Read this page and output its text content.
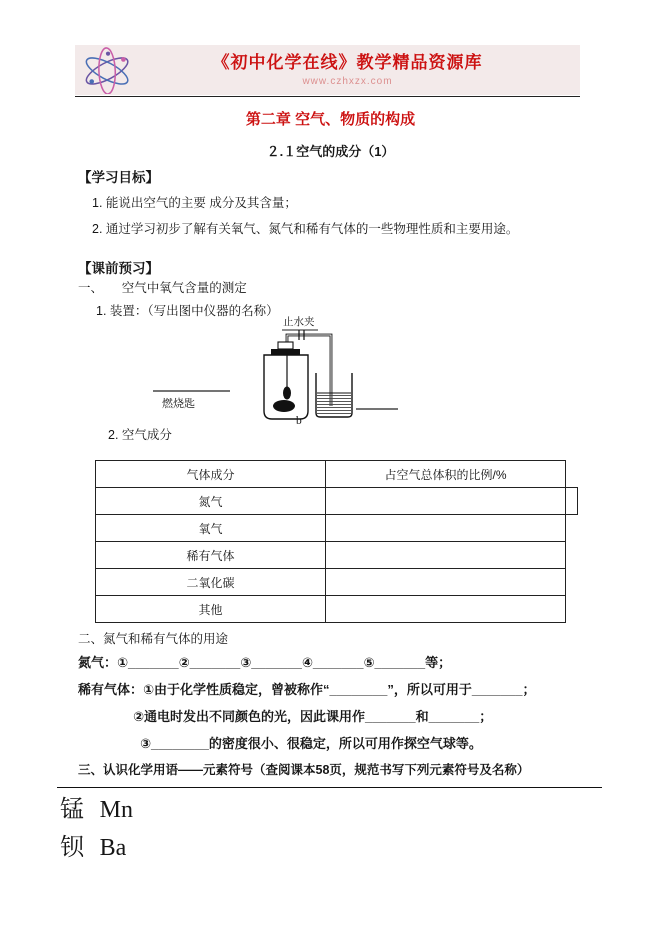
《初中化学在线》教学精品资源库
www.czhxzx.com
第二章 空气、物质的构成
２.１空气的成分（1）
【学习目标】
1. 能说出空气的主要 成分及其含量；
2. 通过学习初步了解有关氧气、氮气和稀有气体的一些物理性质和主要用途。
【课前预习】
一、　　空气中氧气含量的测定
1. 装置：（写出图中仪器的名称）
止水夹
燃烧匙
b
2. 空气成分
气体成分	占空气总体积的比例/%
氮气	
氧气	
稀有气体	
二氧化碳	
其他	
二、氮气和稀有气体的用途
氮气：①_______②_______③_______④_______⑤_______等；
稀有气体：①由于化学性质稳定，曾被称作“________”，所以可用于_______；
②通电时发出不同颜色的光，因此课用作_______和_______；
③________的密度很小、很稳定，所以可用作探空气球等。
三、认识化学用语——元素符号（查阅课本58页，规范书写下列元素符号及名称）
锰 Mn
钡 Ba
